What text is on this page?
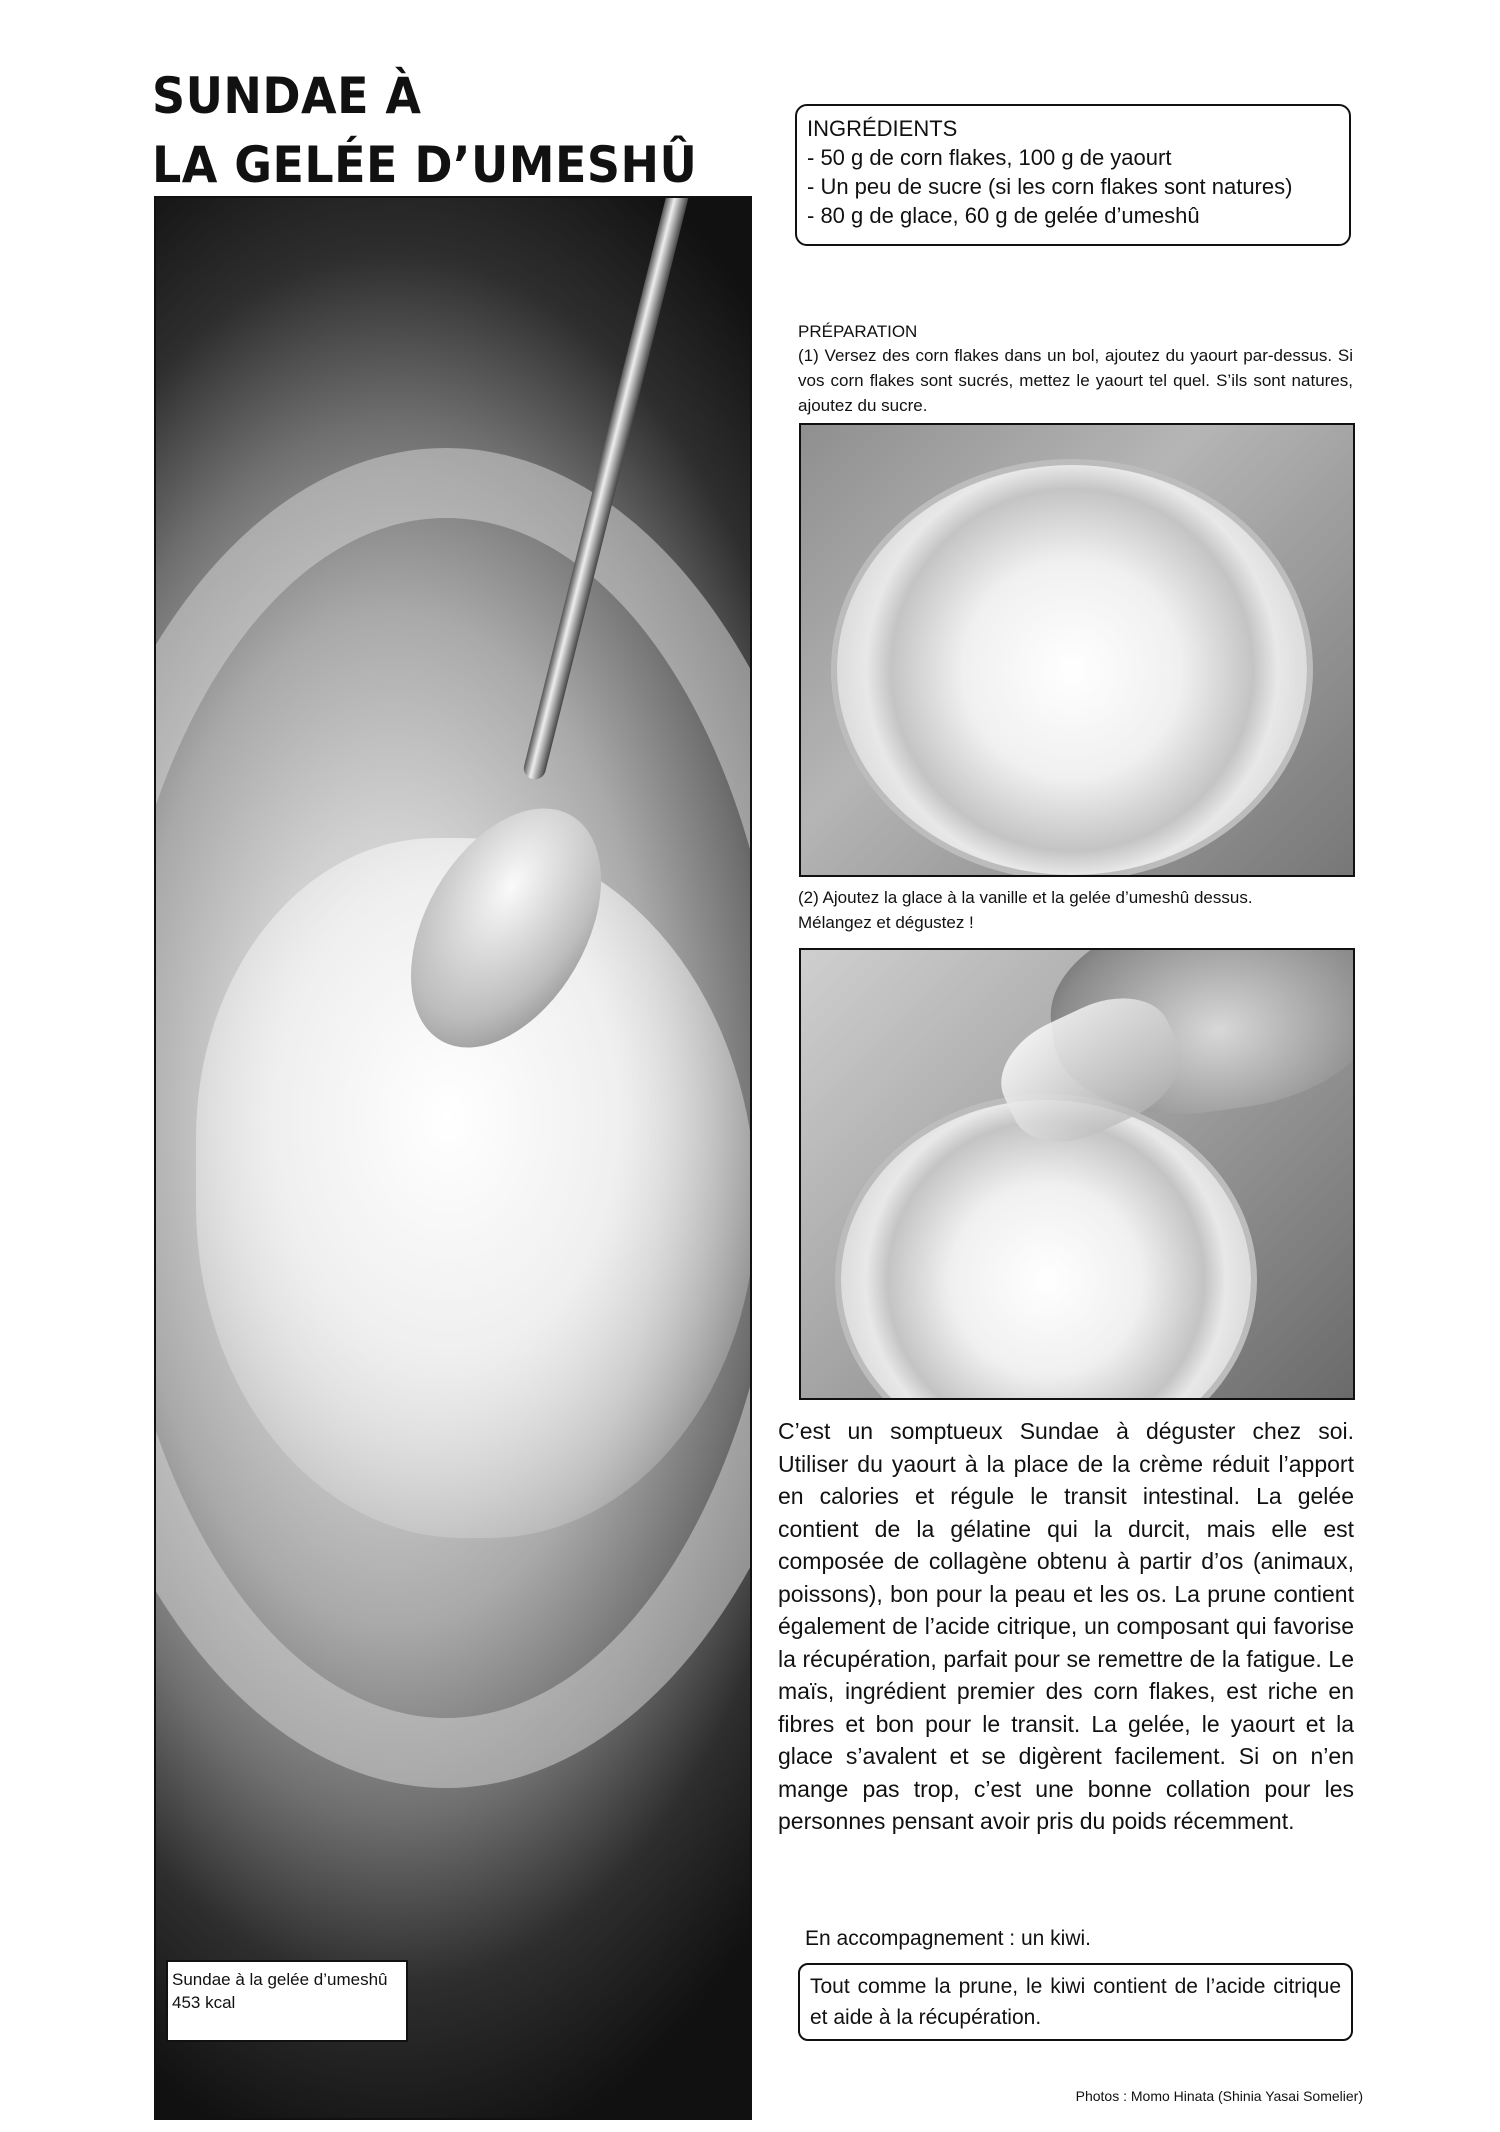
SUNDAE À
LA GELÉE D’UMESHÛ
Sundae à la gelée d’umeshû
453 kcal
INGRÉDIENTS
- 50 g de corn flakes, 100 g de yaourt
- Un peu de sucre (si les corn flakes sont natures)
- 80 g de glace, 60 g de gelée d’umeshû
PRÉPARATION
(1) Versez des corn flakes dans un bol, ajoutez du yaourt par-dessus. Si vos corn flakes sont sucrés, mettez le yaourt tel quel. S’ils sont natures, ajoutez du sucre.
(2) Ajoutez la glace à la vanille et la gelée d’umeshû dessus.
Mélangez et dégustez !
C’est un somptueux Sundae à déguster chez soi. Utiliser du yaourt à la place de la crème réduit l’apport en calories et régule le transit intestinal. La gelée contient de la gélatine qui la durcit, mais elle est composée de collagène obtenu à partir d’os (animaux, poissons), bon pour la peau et les os. La prune contient également de l’acide citrique, un composant qui favorise la récupération, parfait pour se remettre de la fatigue. Le maïs, ingrédient premier des corn flakes, est riche en fibres et bon pour le transit. La gelée, le yaourt et la glace s’avalent et se digèrent facilement. Si on n’en mange pas trop, c’est une bonne collation pour les personnes pensant avoir pris du poids récemment.
En accompagnement : un kiwi.
Tout comme la prune, le kiwi contient de l’acide citrique et aide à la récupération.
Photos : Momo Hinata (Shinia Yasai Somelier)
